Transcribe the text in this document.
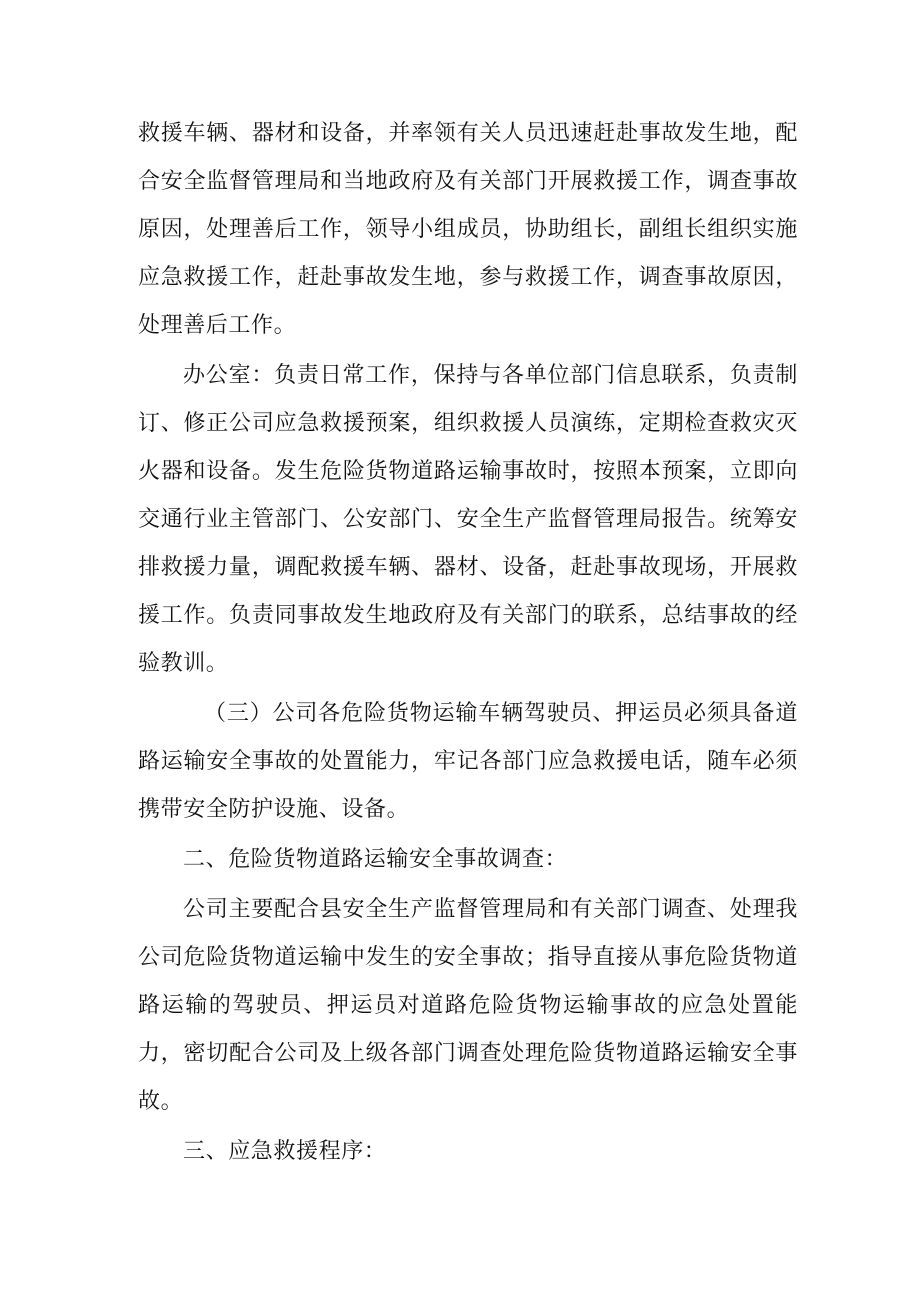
救援车辆、器材和设备，并率领有关人员迅速赶赴事故发生地，配合安全监督管理局和当地政府及有关部门开展救援工作，调查事故原因，处理善后工作，领导小组成员，协助组长，副组长组织实施应急救援工作，赶赴事故发生地，参与救援工作，调查事故原因，处理善后工作。

办公室：负责日常工作，保持与各单位部门信息联系，负责制订、修正公司应急救援预案，组织救援人员演练，定期检查救灾灭火器和设备。发生危险货物道路运输事故时，按照本预案，立即向交通行业主管部门、公安部门、安全生产监督管理局报告。统筹安排救援力量，调配救援车辆、器材、设备，赶赴事故现场，开展救援工作。负责同事故发生地政府及有关部门的联系，总结事故的经验教训。

（三）公司各危险货物运输车辆驾驶员、押运员必须具备道路运输安全事故的处置能力，牢记各部门应急救援电话，随车必须携带安全防护设施、设备。

二、危险货物道路运输安全事故调查：

公司主要配合县安全生产监督管理局和有关部门调查、处理我公司危险货物道运输中发生的安全事故；指导直接从事危险货物道路运输的驾驶员、押运员对道路危险货物运输事故的应急处置能力，密切配合公司及上级各部门调查处理危险货物道路运输安全事故。

三、应急救援程序：
